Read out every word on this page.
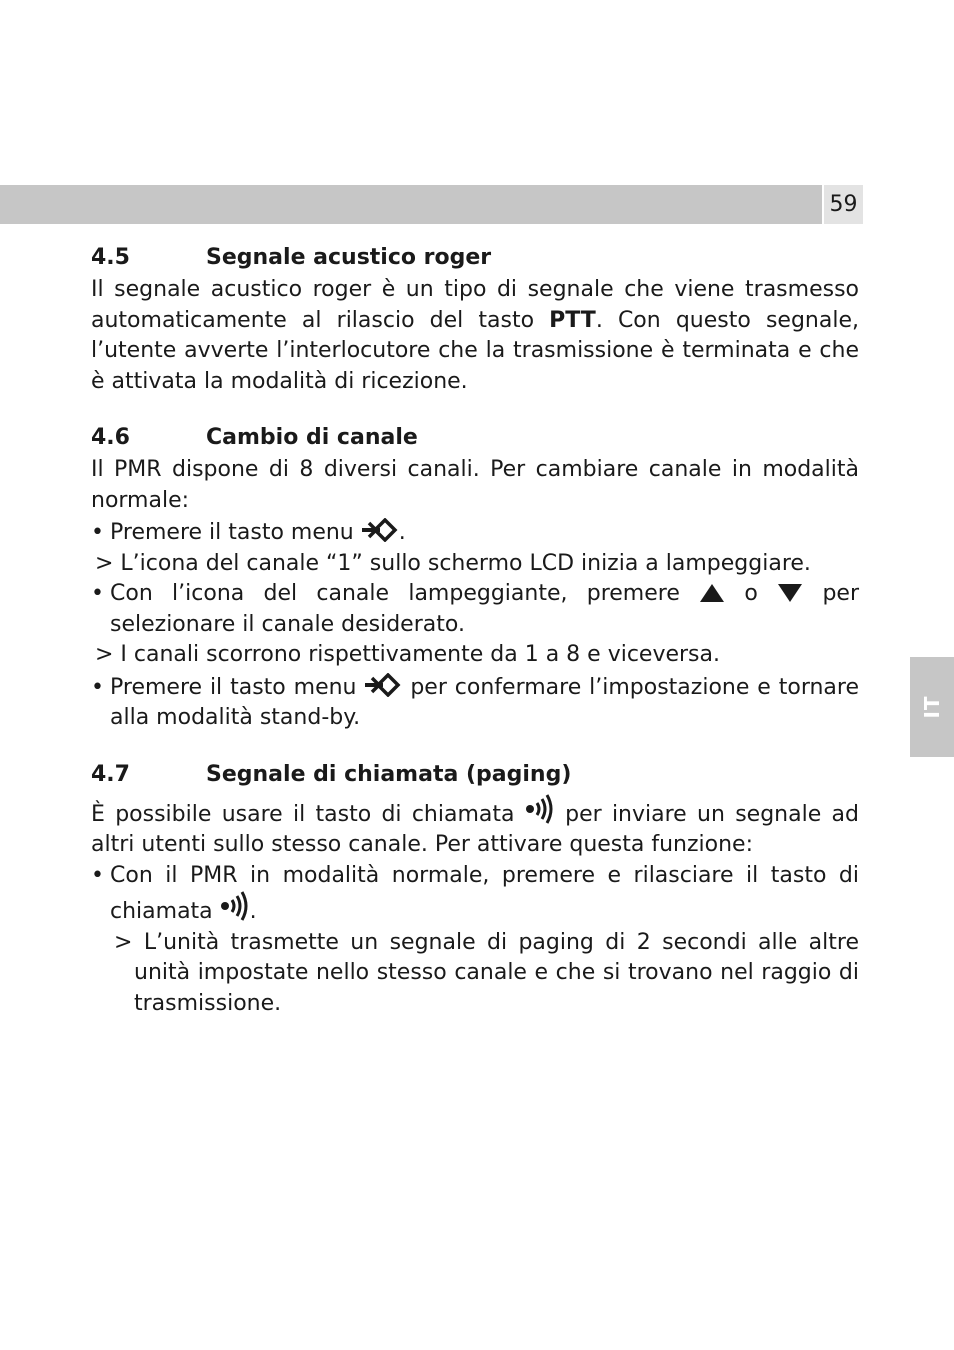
59
IT
4.5	Segnale acustico roger

Il segnale acustico roger è un tipo di segnale che viene trasmesso automaticamente al rilascio del tasto PTT. Con questo segnale, l’utente avverte l’interlocutore che la trasmissione è terminata e che è attivata la modalità di ricezione.

4.6	Cambio di canale

Il PMR dispone di 8 diversi canali. Per cambiare canale in modalità normale:

• Premere il tasto menu
.
> L’icona del canale “1” sullo schermo LCD inizia a lampeggiare.
• Con l’icona del canale lampeggiante, premere
o
per selezionare il canale desiderato.
> I canali scorrono rispettivamente da 1 a 8 e viceversa.
• Premere il tasto menu
per confermare l’impostazione e tornare alla modalità stand-by.
4.7	Segnale di chiamata (paging)

È possibile usare il tasto di chiamata
per inviare un segnale ad altri utenti sullo stesso canale. Per attivare questa funzione:

• Con il PMR in modalità normale, premere e rilasciare il tasto di chiamata
.
> L’unità trasmette un segnale di paging di 2 secondi alle altre unità impostate nello stesso canale e che si trovano nel raggio di trasmissione.
